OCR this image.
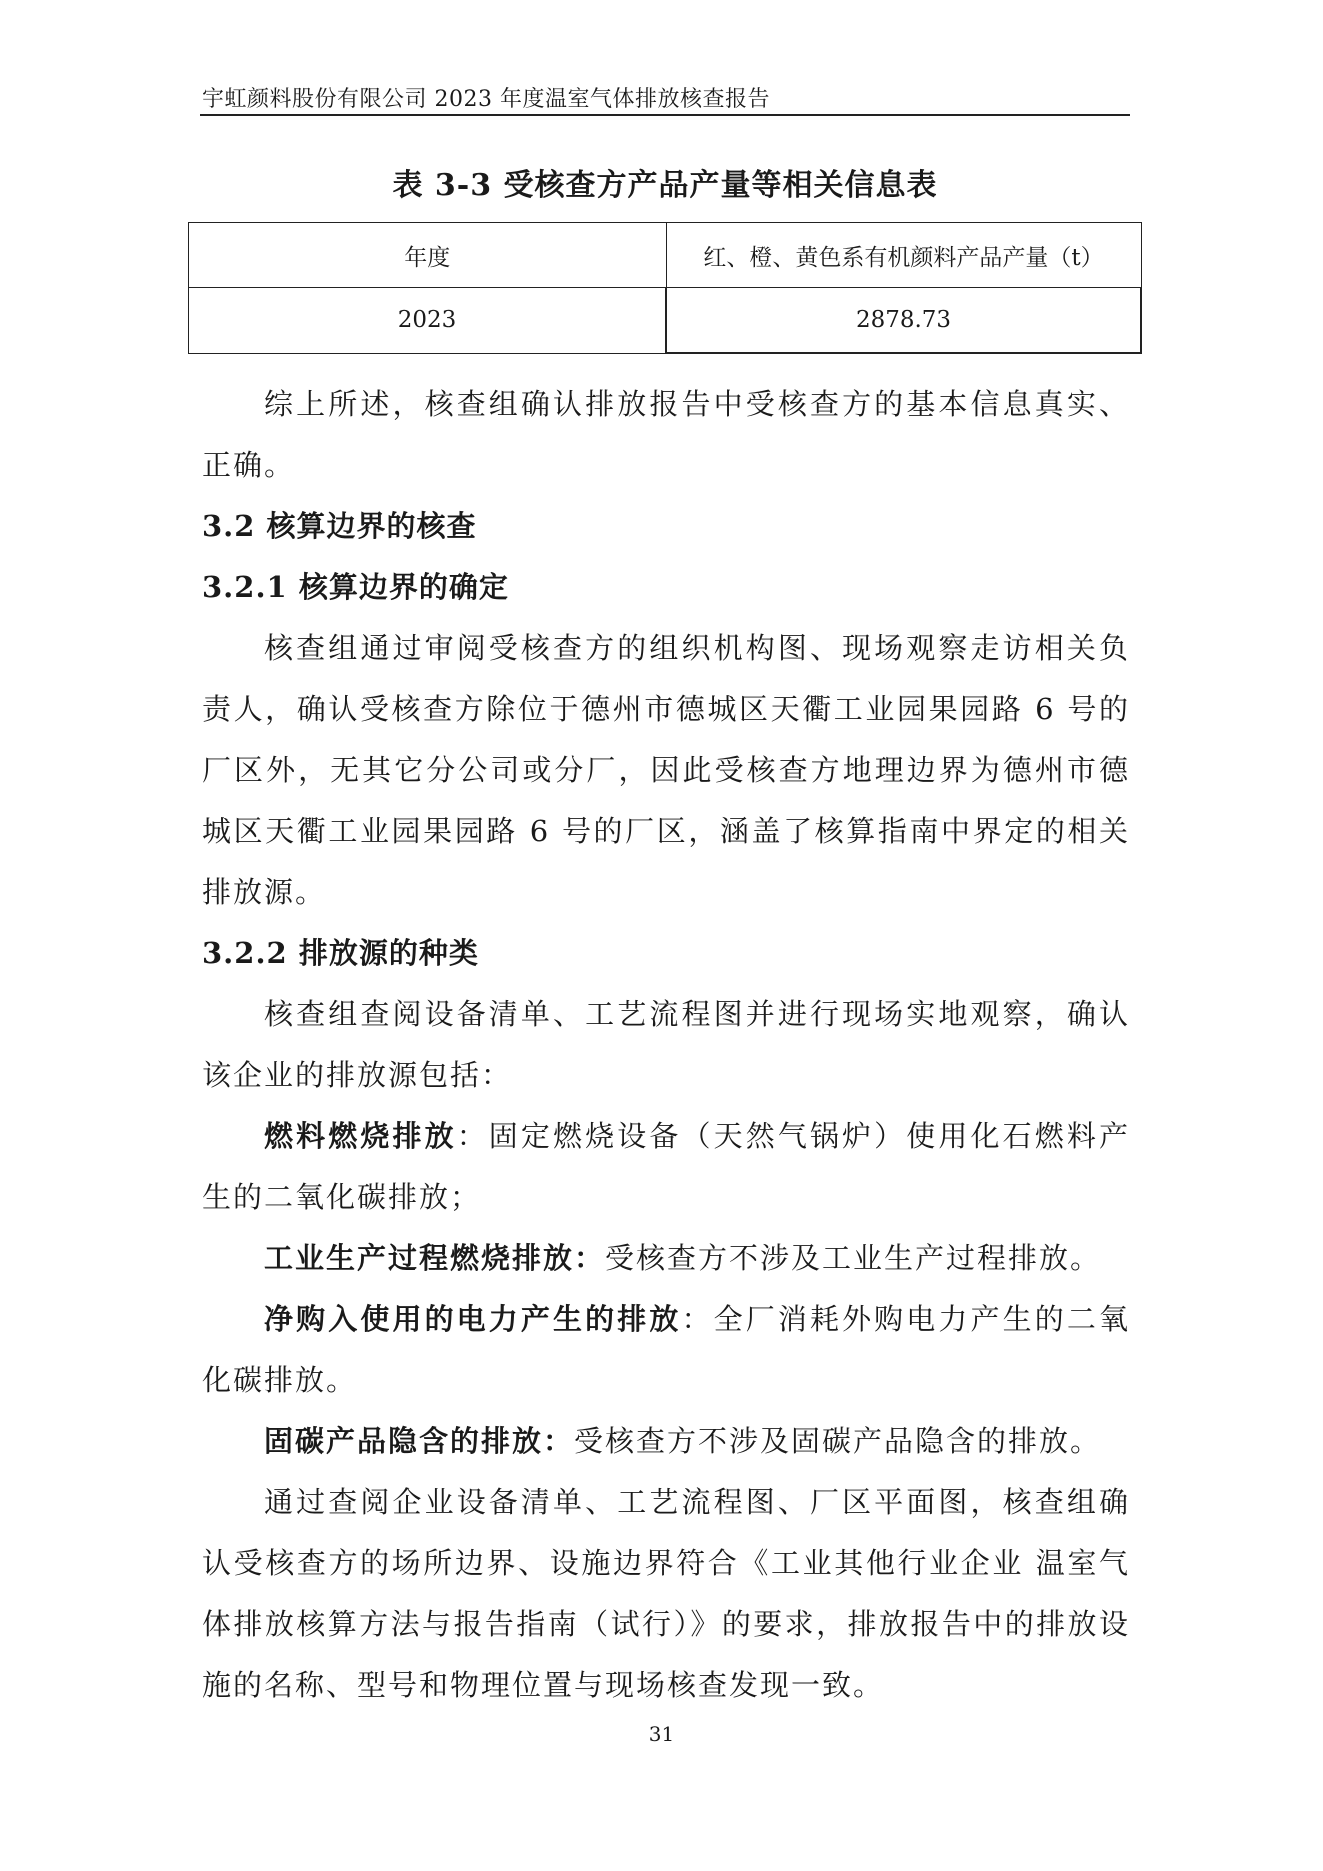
宇虹颜料股份有限公司 2023 年度温室气体排放核查报告
表 3-3 受核查方产品产量等相关信息表
年度	红、橙、黄色系有机颜料产品产量（t）
2023	2878.73

综上所述，核查组确认排放报告中受核查方的基本信息真实、正确。

3.2 核算边界的核查
3.2.1 核算边界的确定

核查组通过审阅受核查方的组织机构图、现场观察走访相关负责人，确认受核查方除位于德州市德城区天衢工业园果园路 6 号的厂区外，无其它分公司或分厂，因此受核查方地理边界为德州市德城区天衢工业园果园路 6 号的厂区，涵盖了核算指南中界定的相关排放源。

3.2.2 排放源的种类

核查组查阅设备清单、工艺流程图并进行现场实地观察，确认该企业的排放源包括：

燃料燃烧排放：固定燃烧设备（天然气锅炉）使用化石燃料产生的二氧化碳排放；

工业生产过程燃烧排放：受核查方不涉及工业生产过程排放。

净购入使用的电力产生的排放：全厂消耗外购电力产生的二氧化碳排放。

固碳产品隐含的排放：受核查方不涉及固碳产品隐含的排放。

通过查阅企业设备清单、工艺流程图、厂区平面图，核查组确认受核查方的场所边界、设施边界符合《工业其他行业企业 温室气体排放核算方法与报告指南（试行）》的要求，排放报告中的排放设施的名称、型号和物理位置与现场核查发现一致。

31
